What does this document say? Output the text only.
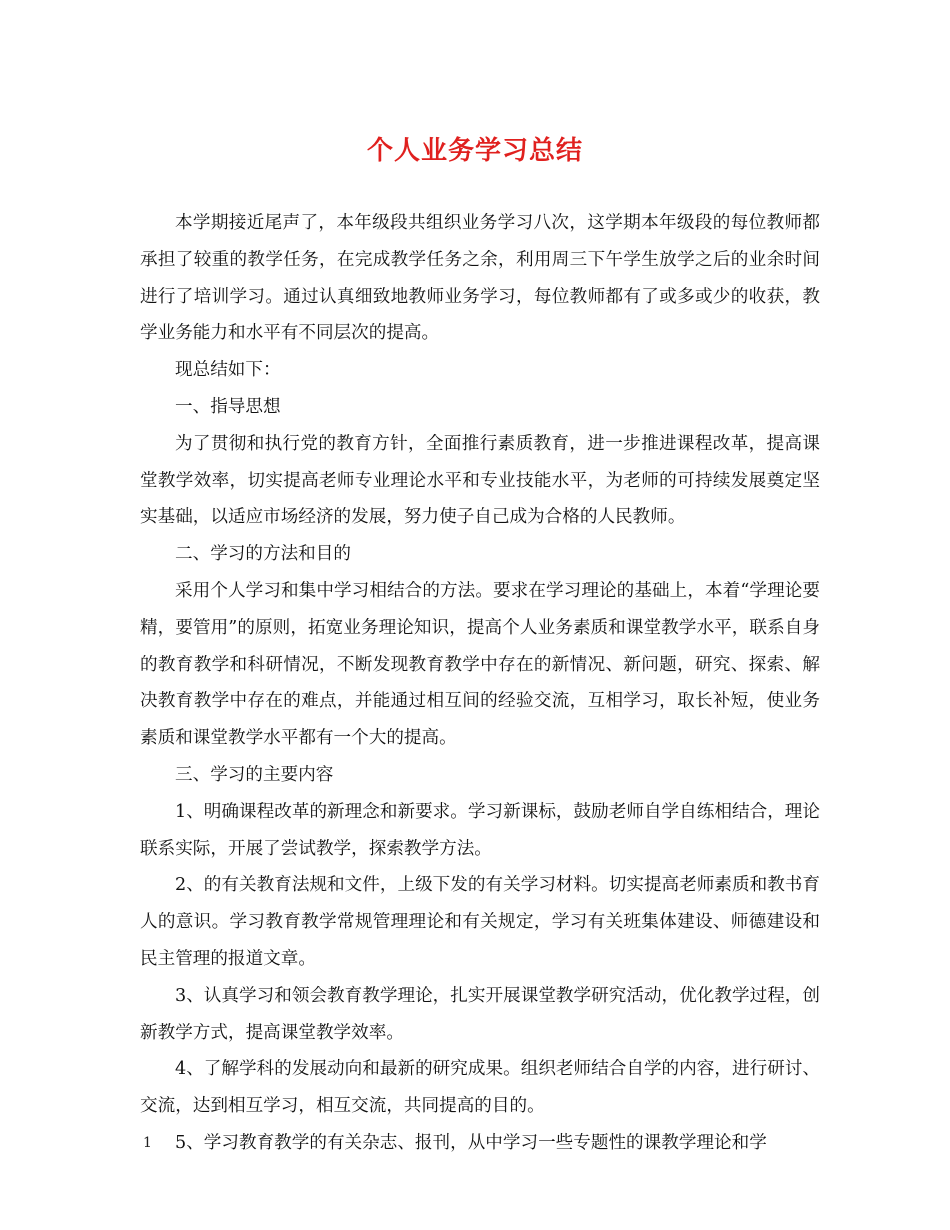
个人业务学习总结

本学期接近尾声了，本年级段共组织业务学习八次，这学期本年级段的每位教师都承担了较重的教学任务，在完成教学任务之余，利用周三下午学生放学之后的业余时间进行了培训学习。通过认真细致地教师业务学习，每位教师都有了或多或少的收获，教学业务能力和水平有不同层次的提高。

现总结如下：

一、指导思想

为了贯彻和执行党的教育方针，全面推行素质教育，进一步推进课程改革，提高课堂教学效率，切实提高老师专业理论水平和专业技能水平，为老师的可持续发展奠定坚实基础，以适应市场经济的发展，努力使子自己成为合格的人民教师。

二、学习的方法和目的

采用个人学习和集中学习相结合的方法。要求在学习理论的基础上，本着“学理论要精，要管用”的原则，拓宽业务理论知识，提高个人业务素质和课堂教学水平，联系自身的教育教学和科研情况，不断发现教育教学中存在的新情况、新问题，研究、探索、解决教育教学中存在的难点，并能通过相互间的经验交流，互相学习，取长补短，使业务素质和课堂教学水平都有一个大的提高。

三、学习的主要内容

1、明确课程改革的新理念和新要求。学习新课标，鼓励老师自学自练相结合，理论联系实际，开展了尝试教学，探索教学方法。

2、的有关教育法规和文件，上级下发的有关学习材料。切实提高老师素质和教书育人的意识。学习教育教学常规管理理论和有关规定，学习有关班集体建设、师德建设和民主管理的报道文章。

3、认真学习和领会教育教学理论，扎实开展课堂教学研究活动，优化教学过程，创新教学方式，提高课堂教学效率。

4、了解学科的发展动向和最新的研究成果。组织老师结合自学的内容，进行研讨、交流，达到相互学习，相互交流，共同提高的目的。

5、学习教育教学的有关杂志、报刊，从中学习一些专题性的课教学理论和学

1
